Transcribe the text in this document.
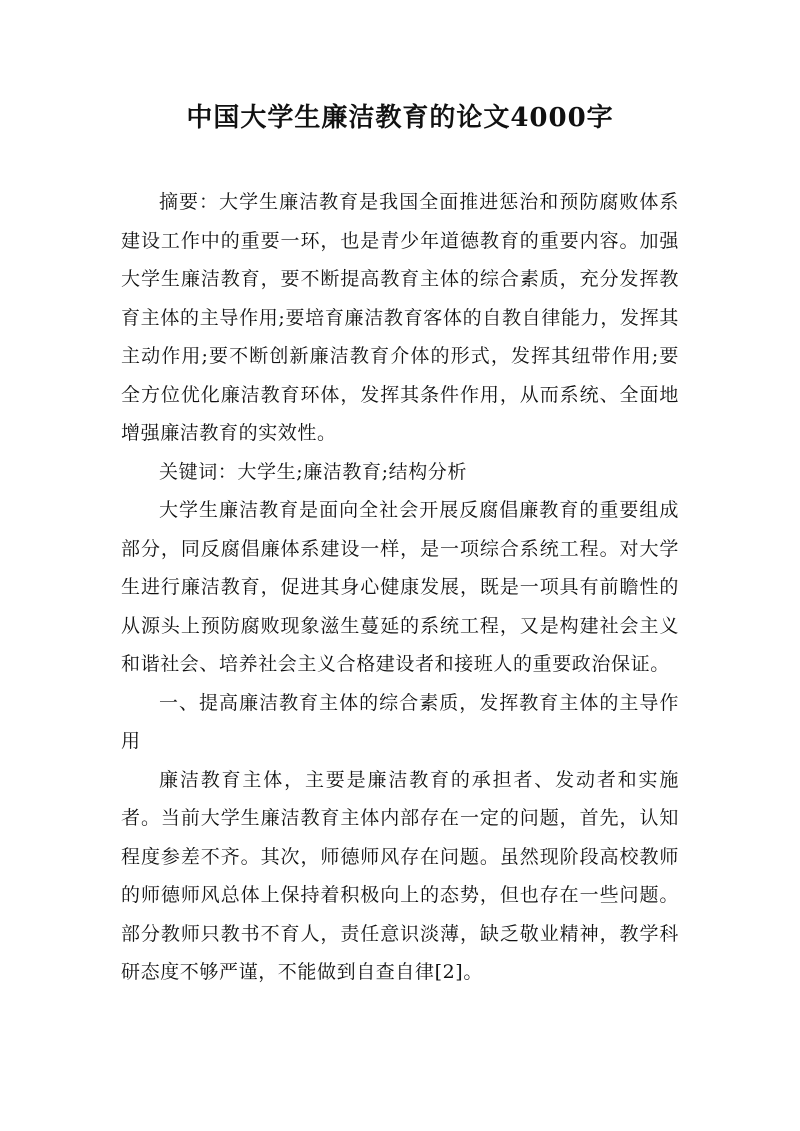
中国大学生廉洁教育的论文4000字

摘要：大学生廉洁教育是我国全面推进惩治和预防腐败体系建设工作中的重要一环，也是青少年道德教育的重要内容。加强大学生廉洁教育，要不断提高教育主体的综合素质，充分发挥教育主体的主导作用;要培育廉洁教育客体的自教自律能力，发挥其主动作用;要不断创新廉洁教育介体的形式，发挥其纽带作用;要全方位优化廉洁教育环体，发挥其条件作用，从而系统、全面地增强廉洁教育的实效性。

关键词：大学生;廉洁教育;结构分析

大学生廉洁教育是面向全社会开展反腐倡廉教育的重要组成部分，同反腐倡廉体系建设一样，是一项综合系统工程。对大学生进行廉洁教育，促进其身心健康发展，既是一项具有前瞻性的从源头上预防腐败现象滋生蔓延的系统工程，又是构建社会主义和谐社会、培养社会主义合格建设者和接班人的重要政治保证。

一、提高廉洁教育主体的综合素质，发挥教育主体的主导作用

廉洁教育主体，主要是廉洁教育的承担者、发动者和实施者。当前大学生廉洁教育主体内部存在一定的问题，首先，认知程度参差不齐。其次，师德师风存在问题。虽然现阶段高校教师的师德师风总体上保持着积极向上的态势，但也存在一些问题。部分教师只教书不育人，责任意识淡薄，缺乏敬业精神，教学科研态度不够严谨，不能做到自查自律[2]。
